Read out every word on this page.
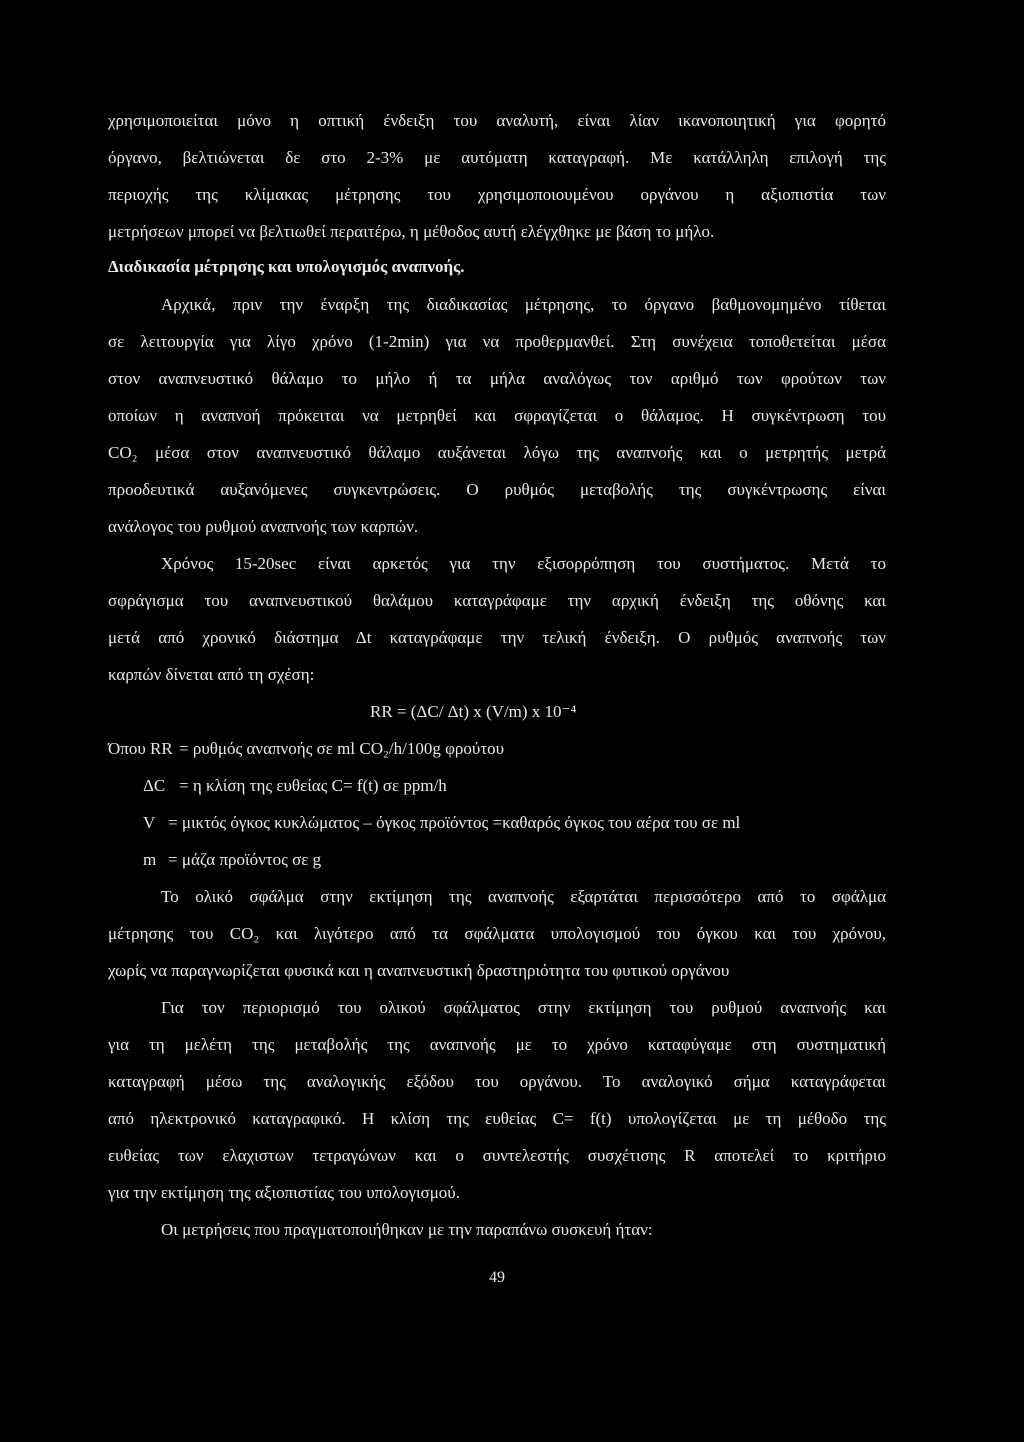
χρησιμοποιείται μόνο η οπτική ένδειξη του αναλυτή, είναι λίαν ικανοποιητική για φορητό
όργανο, βελτιώνεται δε στο 2-3% με αυτόματη καταγραφή. Με κατάλληλη επιλογή της
περιοχής της κλίμακας μέτρησης του χρησιμοποιουμένου οργάνου η αξιοπιστία των
μετρήσεων μπορεί να βελτιωθεί περαιτέρω, η μέθοδος αυτή ελέγχθηκε με βάση το μήλο.
Διαδικασία μέτρησης και υπολογισμός αναπνοής.
Αρχικά, πριν την έναρξη της διαδικασίας μέτρησης, το όργανο βαθμονομημένο τίθεται
σε λειτουργία για λίγο χρόνο (1-2min) για να προθερμανθεί. Στη συνέχεια τοποθετείται μέσα
στον αναπνευστικό θάλαμο το μήλο ή τα μήλα αναλόγως τον αριθμό των φρούτων των
οποίων η αναπνοή πρόκειται να μετρηθεί και σφραγίζεται ο θάλαμος. Η συγκέντρωση του
CO₂ μέσα στον αναπνευστικό θάλαμο αυξάνεται λόγω της αναπνοής και ο μετρητής μετρά
προοδευτικά αυξανόμενες συγκεντρώσεις. Ο ρυθμός μεταβολής της συγκέντρωσης είναι
ανάλογος του ρυθμού αναπνοής των καρπών.
Χρόνος 15-20sec είναι αρκετός για την εξισορρόπηση του συστήματος. Μετά το
σφράγισμα του αναπνευστικού θαλάμου καταγράφαμε την αρχική ένδειξη της οθόνης και
μετά από χρονικό διάστημα Δt καταγράφαμε την τελική ένδειξη. Ο ρυθμός αναπνοής των
καρπών δίνεται από τη σχέση:
RR = (ΔC/ Δt) x (V/m) x 10⁻⁴
Όπου RR = ρυθμός αναπνοής σε ml CO₂/h/100g φρούτου
ΔC = η κλίση της ευθείας C= f(t) σε ppm/h
V = μικτός όγκος κυκλώματος – όγκος προϊόντος =καθαρός όγκος του αέρα του σε ml
m = μάζα προϊόντος σε g
Το ολικό σφάλμα στην εκτίμηση της αναπνοής εξαρτάται περισσότερο από το σφάλμα
μέτρησης του CO₂ και λιγότερο από τα σφάλματα υπολογισμού του όγκου και του χρόνου,
χωρίς να παραγνωρίζεται φυσικά και η αναπνευστική δραστηριότητα του φυτικού οργάνου
Για τον περιορισμό του ολικού σφάλματος στην εκτίμηση του ρυθμού αναπνοής και
για τη μελέτη της μεταβολής της αναπνοής με το χρόνο καταφύγαμε στη συστηματική
καταγραφή μέσω της αναλογικής εξόδου του οργάνου. Το αναλογικό σήμα καταγράφεται
από ηλεκτρονικό καταγραφικό. Η κλίση της ευθείας C= f(t) υπολογίζεται με τη μέθοδο της
ευθείας των ελαχιστων τετραγώνων και ο συντελεστής συσχέτισης R αποτελεί το κριτήριο
για την εκτίμηση της αξιοπιστίας του υπολογισμού.
Οι μετρήσεις που πραγματοποιήθηκαν με την παραπάνω συσκευή ήταν:
49
